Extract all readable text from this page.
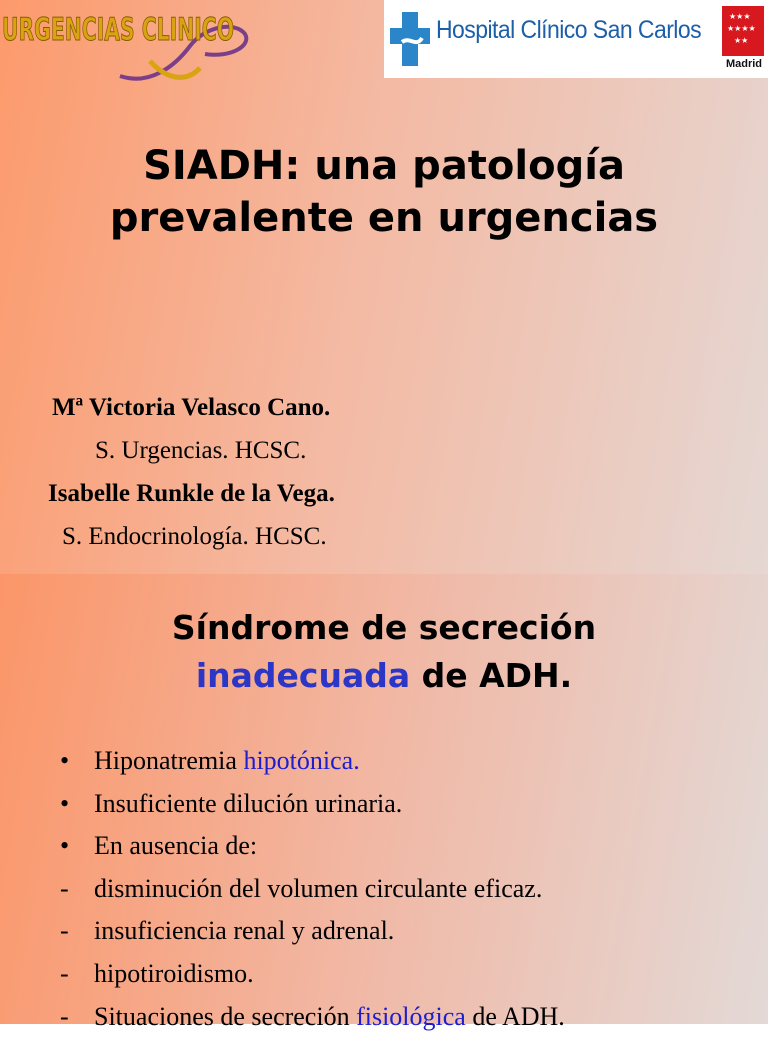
URGENCIAS CLINICO	Hospital Clínico San Carlos	★★★
★★★★
★★
Madrid
SIADH: una patología
prevalente en urgencias
Mª Victoria Velasco Cano.
S. Urgencias. HCSC.
Isabelle Runkle de la Vega.
S. Endocrinología. HCSC.
Síndrome de secreción
inadecuada de ADH.
• Hiponatremia hipotónica.
• Insuficiente dilución urinaria.
• En ausencia de:
- disminución del volumen circulante eficaz.
- insuficiencia renal y adrenal.
- hipotiroidismo.
- Situaciones de secreción fisiológica de ADH.
